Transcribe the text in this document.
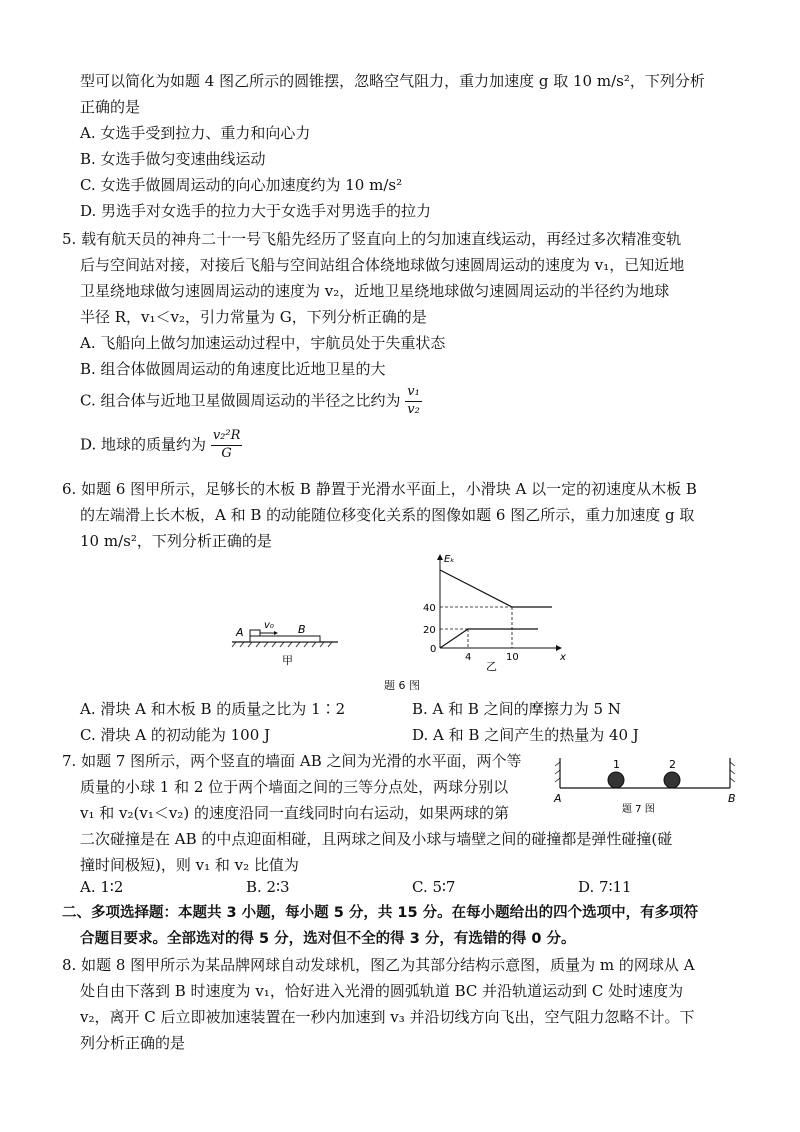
型可以简化为如题 4 图乙所示的圆锥摆，忽略空气阻力，重力加速度 g 取 10 m/s²，下列分析
正确的是
A. 女选手受到拉力、重力和向心力
B. 女选手做匀变速曲线运动
C. 女选手做圆周运动的向心加速度约为 10 m/s²
D. 男选手对女选手的拉力大于女选手对男选手的拉力
5. 载有航天员的神舟二十一号飞船先经历了竖直向上的匀加速直线运动，再经过多次精准变轨
后与空间站对接，对接后飞船与空间站组合体绕地球做匀速圆周运动的速度为 v₁，已知近地
卫星绕地球做匀速圆周运动的速度为 v₂，近地卫星绕地球做匀速圆周运动的半径约为地球
半径 R，v₁＜v₂，引力常量为 G，下列分析正确的是
A. 飞船向上做匀加速运动过程中，宇航员处于失重状态
B. 组合体做圆周运动的角速度比近地卫星的大
C. 组合体与近地卫星做圆周运动的半径之比约为 $\frac{\text{v₁}}{\text{v₂}}$
D. 地球的质量约为 $\frac{\text{v₂²R}}{G}$
6. 如题 6 图甲所示，足够长的木板 B 静置于光滑水平面上，小滑块 A 以一定的初速度从木板 B
的左端滑上长木板，A 和 B 的动能随位移变化关系的图像如题 6 图乙所示，重力加速度 g 取
10 m/s²，下列分析正确的是
A	B
v₀
甲
Eₖ
x
40
20
0
4	10
乙
题 6 图
A. 滑块 A 和木板 B 的质量之比为 1∶2	B. A 和 B 之间的摩擦力为 5 N
C. 滑块 A 的初动能为 100 J	D. A 和 B 之间产生的热量为 40 J
7. 如题 7 图所示，两个竖直的墙面 AB 之间为光滑的水平面，两个等
质量的小球 1 和 2 位于两个墙面之间的三等分点处，两球分别以
v₁ 和 v₂(v₁＜v₂) 的速度沿同一直线同时向右运动，如果两球的第
二次碰撞是在 AB 的中点迎面相碰，且两球之间及小球与墙壁之间的碰撞都是弹性碰撞(碰
撞时间极短)，则 v₁ 和 v₂ 比值为
1	2
A	B
题 7 图
A. 1∶2	B. 2∶3	C. 5∶7	D. 7∶11
二、多项选择题：本题共 3 小题，每小题 5 分，共 15 分。在每小题给出的四个选项中，有多项符
合题目要求。全部选对的得 5 分，选对但不全的得 3 分，有选错的得 0 分。
8. 如题 8 图甲所示为某品牌网球自动发球机，图乙为其部分结构示意图，质量为 m 的网球从 A
处自由下落到 B 时速度为 v₁，恰好进入光滑的圆弧轨道 BC 并沿轨道运动到 C 处时速度为
v₂，离开 C 后立即被加速装置在一秒内加速到 v₃ 并沿切线方向飞出，空气阻力忽略不计。下
列分析正确的是
